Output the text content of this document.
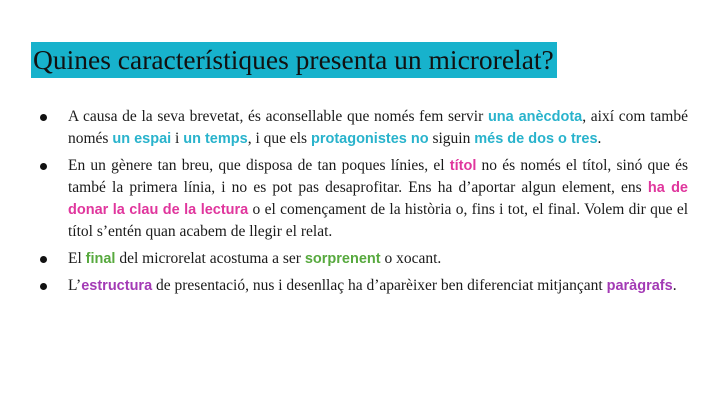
Quines característiques presenta un microrelat?
A causa de la seva brevetat, és aconsellable que només fem servir una anècdota, així com també només un espai i un temps, i que els protagonistes no siguin més de dos o tres.
En un gènere tan breu, que disposa de tan poques línies, el títol no és només el títol, sinó que és també la primera línia, i no es pot pas desaprofitar. Ens ha d’aportar algun element, ens ha de donar la clau de la lectura o el començament de la història o, fins i tot, el final. Volem dir que el títol s’entén quan acabem de llegir el relat.
El final del microrelat acostuma a ser sorprenent o xocant.
L’estructura de presentació, nus i desenllaç ha d’aparèixer ben diferenciat mitjançant paràgrafs.
